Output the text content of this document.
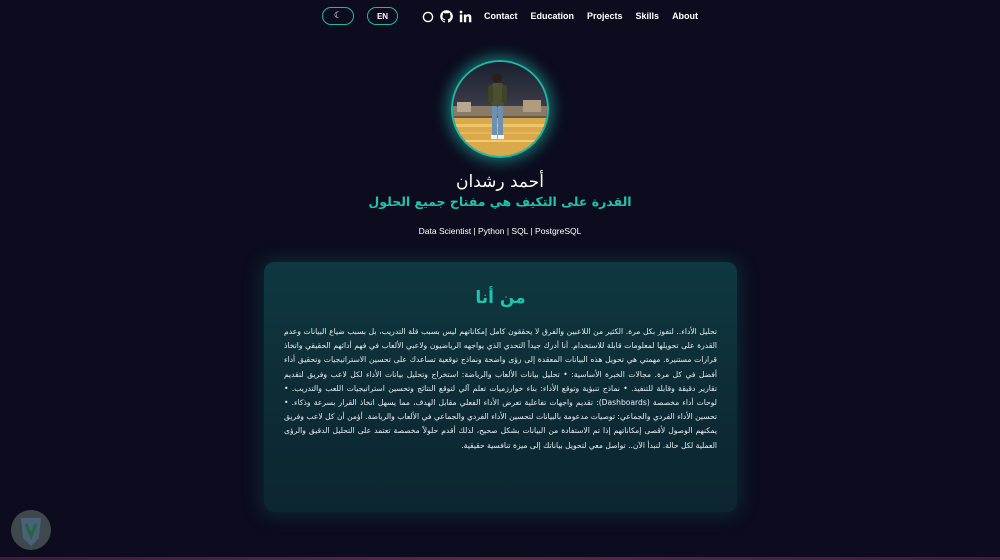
☾	EN	Contact Education Projects Skills About
أحمد رشدان
القدرة على التكيف هي مفتاح جميع الحلول
Data Scientist | Python | SQL | PostgreSQL
من أنا
تحليل الأداء.. لتفوز بكل مرة. الكثير من اللاعبين والفرق لا يحققون كامل إمكاناتهم ليس بسبب قلة التدريب، بل بسبب ضياع البيانات وعدم القدرة على تحويلها لمعلومات قابلة للاستخدام. أنا أدرك جيداً التحدي الذي يواجهه الرياضيون ولاعبي الألعاب في فهم أدائهم الحقيقي واتخاذ قرارات مستنيرة. مهمتي هي تحويل هذه البيانات المعقدة إلى رؤى واضحة ونماذج توقعية تساعدك على تحسين الاستراتيجيات وتحقيق أداء أفضل في كل مرة. مجالات الخبرة الأساسية: • تحليل بيانات الألعاب والرياضة: استخراج وتحليل بيانات الأداء لكل لاعب وفريق لتقديم تقارير دقيقة وقابلة للتنفيذ. • نماذج تنبؤية وتوقع الأداء: بناء خوارزميات تعلم آلي لتوقع النتائج وتحسين استراتيجيات اللعب والتدريب. • لوحات أداء مخصصة (Dashboards): تقديم واجهات تفاعلية تعرض الأداء الفعلي مقابل الهدف، مما يسهل اتخاذ القرار بسرعة وذكاء. • تحسين الأداء الفردي والجماعي: توصيات مدعومة بالبيانات لتحسين الأداء الفردي والجماعي في الألعاب والرياضة. أؤمن أن كل لاعب وفريق يمكنهم الوصول لأقصى إمكاناتهم إذا تم الاستفادة من البيانات بشكل صحيح، لذلك أقدم حلولاً مخصصة تعتمد على التحليل الدقيق والرؤى العملية لكل حالة. لنبدأ الآن.. تواصل معي لتحويل بياناتك إلى ميزة تنافسية حقيقية.
